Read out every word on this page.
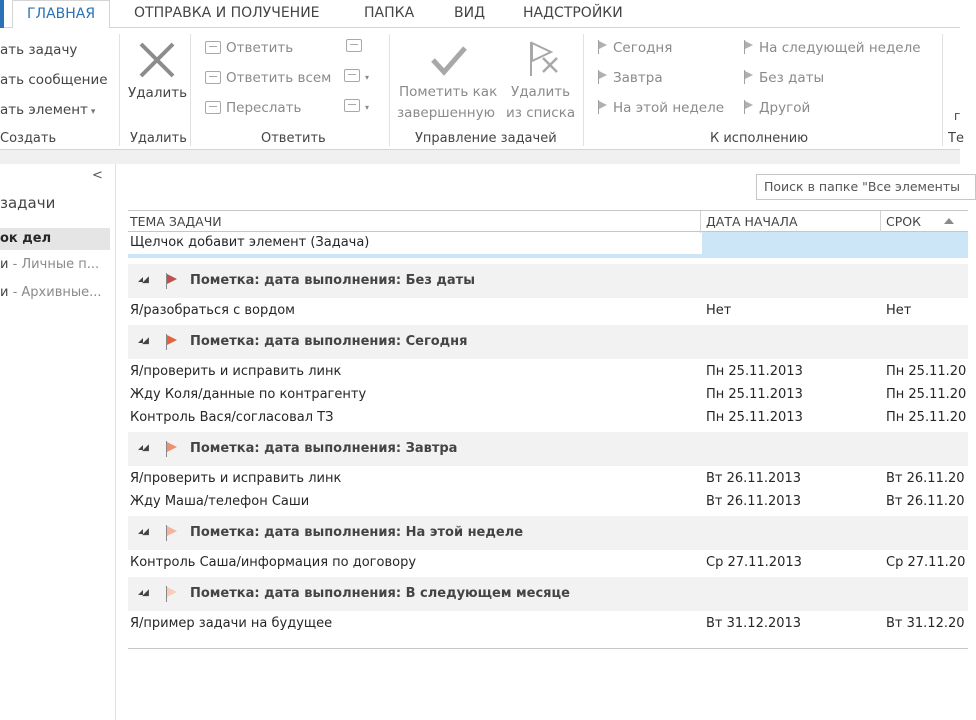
ГЛАВНАЯ	ОТПРАВКА И ПОЛУЧЕНИЕ	ПАПКА	ВИД	НАДСТРОЙКИ
ать задачу
ать сообщение
ать элемент ▾
Создать
Удалить
Удалить
Ответить
Ответить всем
Переслать
▾
▾
Ответить
Пометить как
завершенную
Удалить
из списка
Управление задачей
Сегодня
Завтра
На этой неделе
На следующей неделе
Без даты
Другой
К исполнению
г
Те
<
задачи
ок дел
и - Личные п...
и - Архивные...
Поиск в папке "Все элементы
ТЕМА ЗАДАЧИ	ДАТА НАЧАЛА	СРОК
Щелчок добавит элемент (Задача)
◢	Пометка: дата выполнения: Без даты
Я/разобраться с вордом	Нет	Нет
◢	Пометка: дата выполнения: Сегодня
Я/проверить и исправить линк	Пн 25.11.2013	Пн 25.11.20
Жду Коля/данные по контрагенту	Пн 25.11.2013	Пн 25.11.20
Контроль Вася/согласовал ТЗ	Пн 25.11.2013	Пн 25.11.20
◢	Пометка: дата выполнения: Завтра
Я/проверить и исправить линк	Вт 26.11.2013	Вт 26.11.20
Жду Маша/телефон Саши	Вт 26.11.2013	Вт 26.11.20
◢	Пометка: дата выполнения: На этой неделе
Контроль Саша/информация по договору	Ср 27.11.2013	Ср 27.11.20
◢	Пометка: дата выполнения: В следующем месяце
Я/пример задачи на будущее	Вт 31.12.2013	Вт 31.12.20
